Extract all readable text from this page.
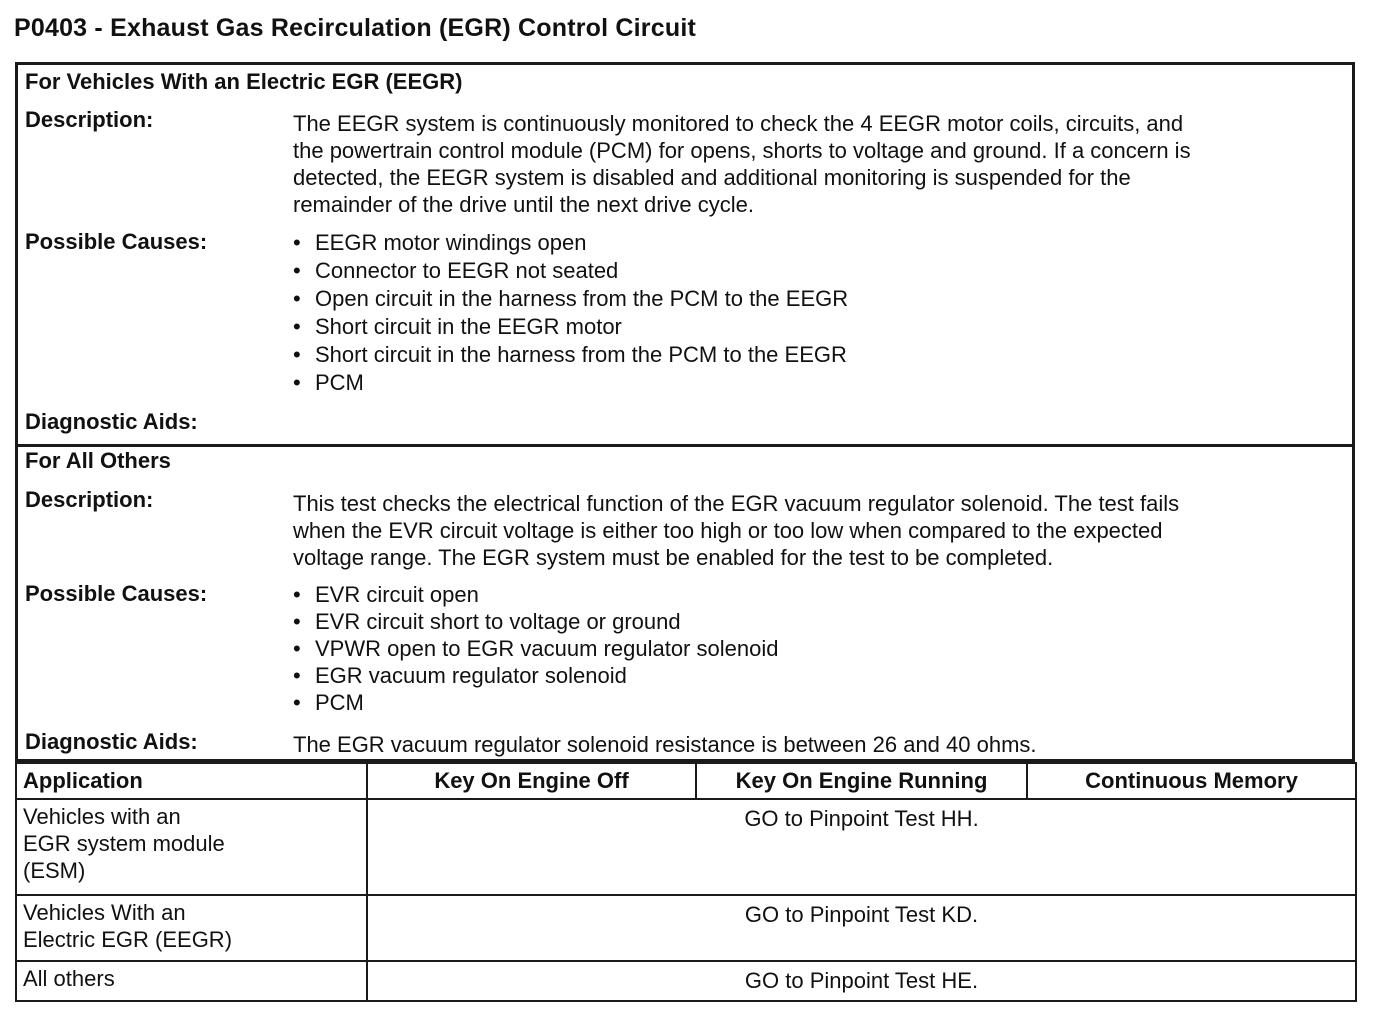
P0403 - Exhaust Gas Recirculation (EGR) Control Circuit
For Vehicles With an Electric EGR (EEGR)
Description:	The EEGR system is continuously monitored to check the 4 EEGR motor coils, circuits, and
the powertrain control module (PCM) for opens, shorts to voltage and ground. If a concern is
detected, the EEGR system is disabled and additional monitoring is suspended for the
remainder of the drive until the next drive cycle.
Possible Causes:	• EEGR motor windings open
• Connector to EEGR not seated
• Open circuit in the harness from the PCM to the EEGR
• Short circuit in the EEGR motor
• Short circuit in the harness from the PCM to the EEGR
• PCM
Diagnostic Aids:
For All Others
Description:	This test checks the electrical function of the EGR vacuum regulator solenoid. The test fails
when the EVR circuit voltage is either too high or too low when compared to the expected
voltage range. The EGR system must be enabled for the test to be completed.
Possible Causes:	• EVR circuit open
• EVR circuit short to voltage or ground
• VPWR open to EGR vacuum regulator solenoid
• EGR vacuum regulator solenoid
• PCM
Diagnostic Aids:	The EGR vacuum regulator solenoid resistance is between 26 and 40 ohms.
Application	Key On Engine Off	Key On Engine Running	Continuous Memory

Vehicles with an
EGR system module
(ESM)	GO to Pinpoint Test HH.		

Vehicles With an
Electric EGR (EEGR)	GO to Pinpoint Test KD.		

All others	GO to Pinpoint Test HE.		
